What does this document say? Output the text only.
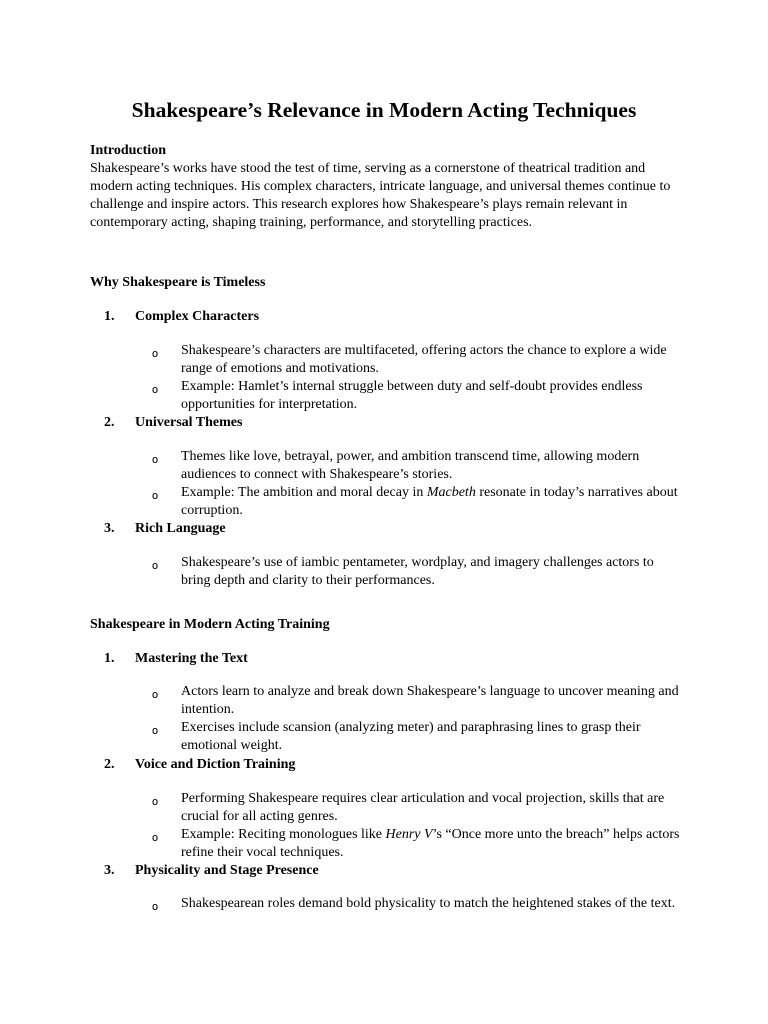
Shakespeare’s Relevance in Modern Acting Techniques

Introduction

Shakespeare’s works have stood the test of time, serving as a cornerstone of theatrical tradition and modern acting techniques. His complex characters, intricate language, and universal themes continue to challenge and inspire actors. This research explores how Shakespeare’s plays remain relevant in contemporary acting, shaping training, performance, and storytelling practices.

Why Shakespeare is Timeless

1. Complex Characters

o Shakespeare’s characters are multifaceted, offering actors the chance to explore a wide range of emotions and motivations.

o Example: Hamlet’s internal struggle between duty and self-doubt provides endless opportunities for interpretation.

2. Universal Themes

o Themes like love, betrayal, power, and ambition transcend time, allowing modern audiences to connect with Shakespeare’s stories.

o Example: The ambition and moral decay in Macbeth resonate in today’s narratives about corruption.

3. Rich Language

o Shakespeare’s use of iambic pentameter, wordplay, and imagery challenges actors to bring depth and clarity to their performances.

Shakespeare in Modern Acting Training

1. Mastering the Text

o Actors learn to analyze and break down Shakespeare’s language to uncover meaning and intention.

o Exercises include scansion (analyzing meter) and paraphrasing lines to grasp their emotional weight.

2. Voice and Diction Training

o Performing Shakespeare requires clear articulation and vocal projection, skills that are crucial for all acting genres.

o Example: Reciting monologues like Henry V’s “Once more unto the breach” helps actors refine their vocal techniques.

3. Physicality and Stage Presence

o Shakespearean roles demand bold physicality to match the heightened stakes of the text.
